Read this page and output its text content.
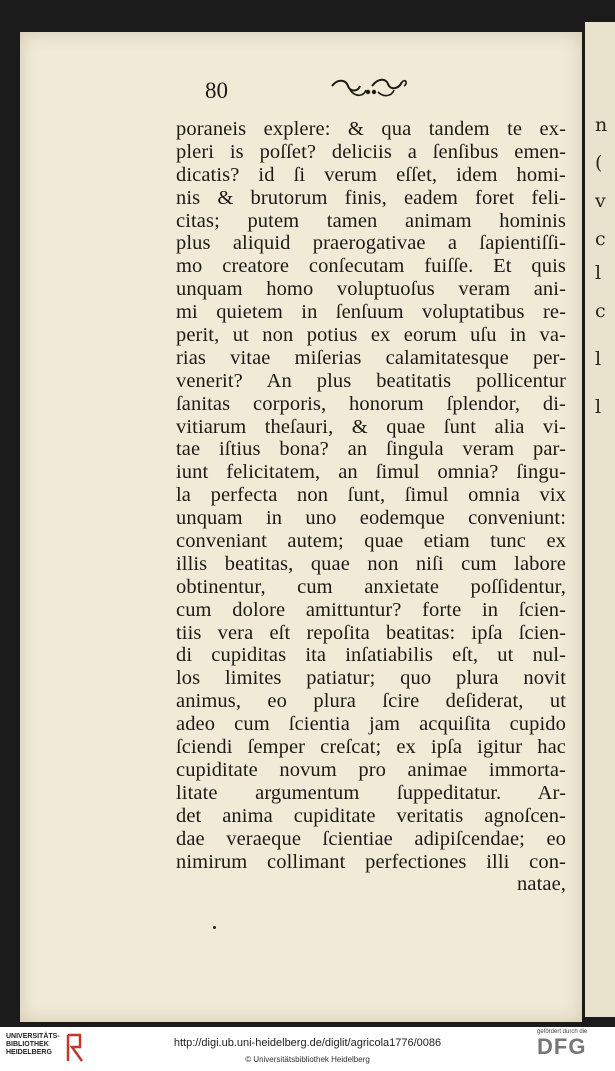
n
(
v
c
l
c
l
l
80
poraneis explere: & qua tandem te ex-
pleri is poſſet? deliciis a ſenſibus emen-
dicatis? id ſi verum eſſet, idem homi-
nis & brutorum finis, eadem foret feli-
citas; putem tamen animam hominis
plus aliquid praerogativae a ſapientiſſi-
mo creatore conſecutam fuiſſe. Et quis
unquam homo voluptuoſus veram ani-
mi quietem in ſenſuum voluptatibus re-
perit, ut non potius ex eorum uſu in va-
rias vitae miſerias calamitatesque per-
venerit? An plus beatitatis pollicentur
ſanitas corporis, honorum ſplendor, di-
vitiarum theſauri, & quae ſunt alia vi-
tae iſtius bona? an ſingula veram par-
iunt felicitatem, an ſimul omnia? ſingu-
la perfecta non ſunt, ſimul omnia vix
unquam in uno eodemque conveniunt:
conveniant autem; quae etiam tunc ex
illis beatitas, quae non niſi cum labore
obtinentur, cum anxietate poſſidentur,
cum dolore amittuntur? forte in ſcien-
tiis vera eſt repoſita beatitas: ipſa ſcien-
di cupiditas ita inſatiabilis eſt, ut nul-
los limites patiatur; quo plura novit
animus, eo plura ſcire deſiderat, ut
adeo cum ſcientia jam acquiſita cupido
ſciendi ſemper creſcat; ex ipſa igitur hac
cupiditate novum pro animae immorta-
litate argumentum ſuppeditatur. Ar-
det anima cupiditate veritatis agnoſcen-
dae veraeque ſcientiae adipiſcendae; eo
nimirum collimant perfectiones illi con-
natae,
UNIVERSITÄTS-
BIBLIOTHEK
HEIDELBERG
http://digi.ub.uni-heidelberg.de/diglit/agricola1776/0086
© Universitätsbibliothek Heidelberg
gefördert durch die
DFG
